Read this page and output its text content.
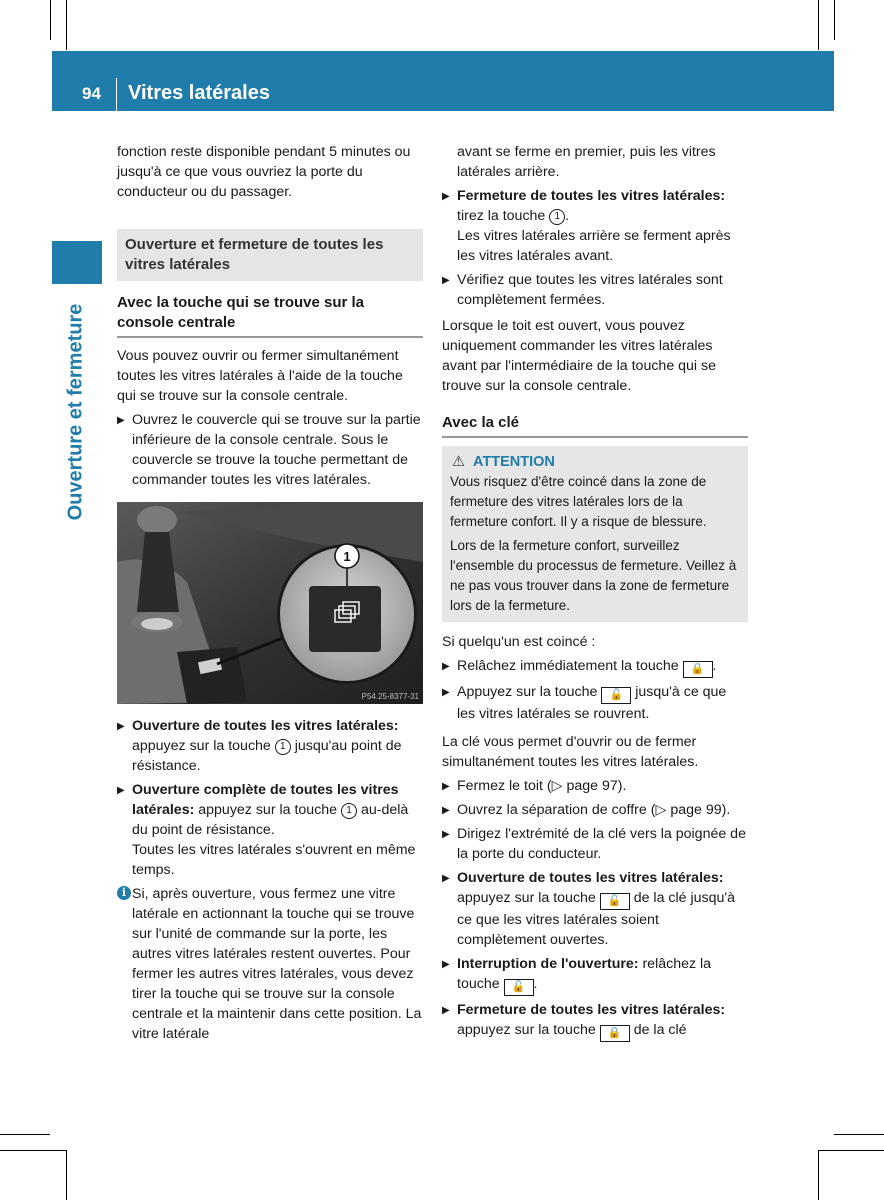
94 Vitres latérales
Ouverture et fermeture

fonction reste disponible pendant 5 minutes ou jusqu'à ce que vous ouvriez la porte du conducteur ou du passager.

Ouverture et fermeture de toutes les vitres latérales
Avec la touche qui se trouve sur la console centrale

Vous pouvez ouvrir ou fermer simultanément toutes les vitres latérales à l'aide de la touche qui se trouve sur la console centrale.

▶ Ouvrez le couvercle qui se trouve sur la partie inférieure de la console centrale. Sous le couvercle se trouve la touche permettant de commander toutes les vitres latérales.
1
P54.25-8377-31
▶ Ouverture de toutes les vitres latérales: appuyez sur la touche 1 jusqu'au point de résistance.
▶ Ouverture complète de toutes les vitres latérales: appuyez sur la touche 1 au-delà du point de résistance.
Toutes les vitres latérales s'ouvrent en même temps.
i Si, après ouverture, vous fermez une vitre latérale en actionnant la touche qui se trouve sur l'unité de commande sur la porte, les autres vitres latérales restent ouvertes. Pour fermer les autres vitres latérales, vous devez tirer la touche qui se trouve sur la console centrale et la maintenir dans cette position. La vitre latérale

avant se ferme en premier, puis les vitres latérales arrière.

▶ Fermeture de toutes les vitres latérales: tirez la touche 1 .
Les vitres latérales arrière se ferment après les vitres latérales avant.
▶ Vérifiez que toutes les vitres latérales sont complètement fermées.

Lorsque le toit est ouvert, vous pouvez uniquement commander les vitres latérales avant par l'intermédiaire de la touche qui se trouve sur la console centrale.

Avec la clé
⚠ ATTENTION

Vous risquez d'être coincé dans la zone de fermeture des vitres latérales lors de la fermeture confort. Il y a risque de blessure.

Lors de la fermeture confort, surveillez l'ensemble du processus de fermeture. Veillez à ne pas vous trouver dans la zone de fermeture lors de la fermeture.

Si quelqu'un est coincé :

▶ Relâchez immédiatement la touche 🔒 .
▶ Appuyez sur la touche 🔓 jusqu'à ce que les vitres latérales se rouvrent.

La clé vous permet d'ouvrir ou de fermer simultanément toutes les vitres latérales.

▶ Fermez le toit (▷ page 97).
▶ Ouvrez la séparation de coffre (▷ page 99).
▶ Dirigez l'extrémité de la clé vers la poignée de la porte du conducteur.
▶ Ouverture de toutes les vitres latérales: appuyez sur la touche 🔓 de la clé jusqu'à ce que les vitres latérales soient complètement ouvertes.
▶ Interruption de l'ouverture: relâchez la touche 🔓 .
▶ Fermeture de toutes les vitres latérales: appuyez sur la touche 🔒 de la clé
